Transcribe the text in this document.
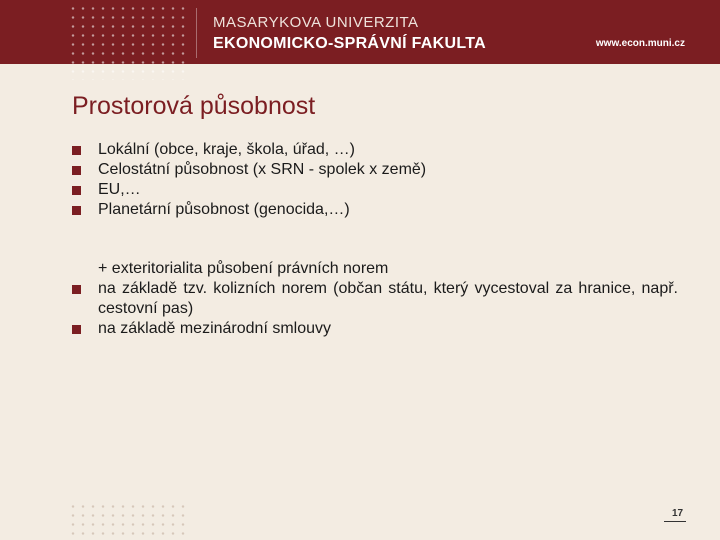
MASARYKOVA UNIVERZITA
EKONOMICKO-SPRÁVNÍ FAKULTA	www.econ.muni.cz
Prostorová působnost
Lokální (obce, kraje, škola, úřad, …)
Celostátní působnost (x SRN - spolek x země)
EU,…
Planetární působnost (genocida,…)
+ exteritorialita působení právních norem
na základě tzv. kolizních norem (občan státu, který vycestoval za hranice, např. cestovní pas)
na základě mezinárodní smlouvy
17
